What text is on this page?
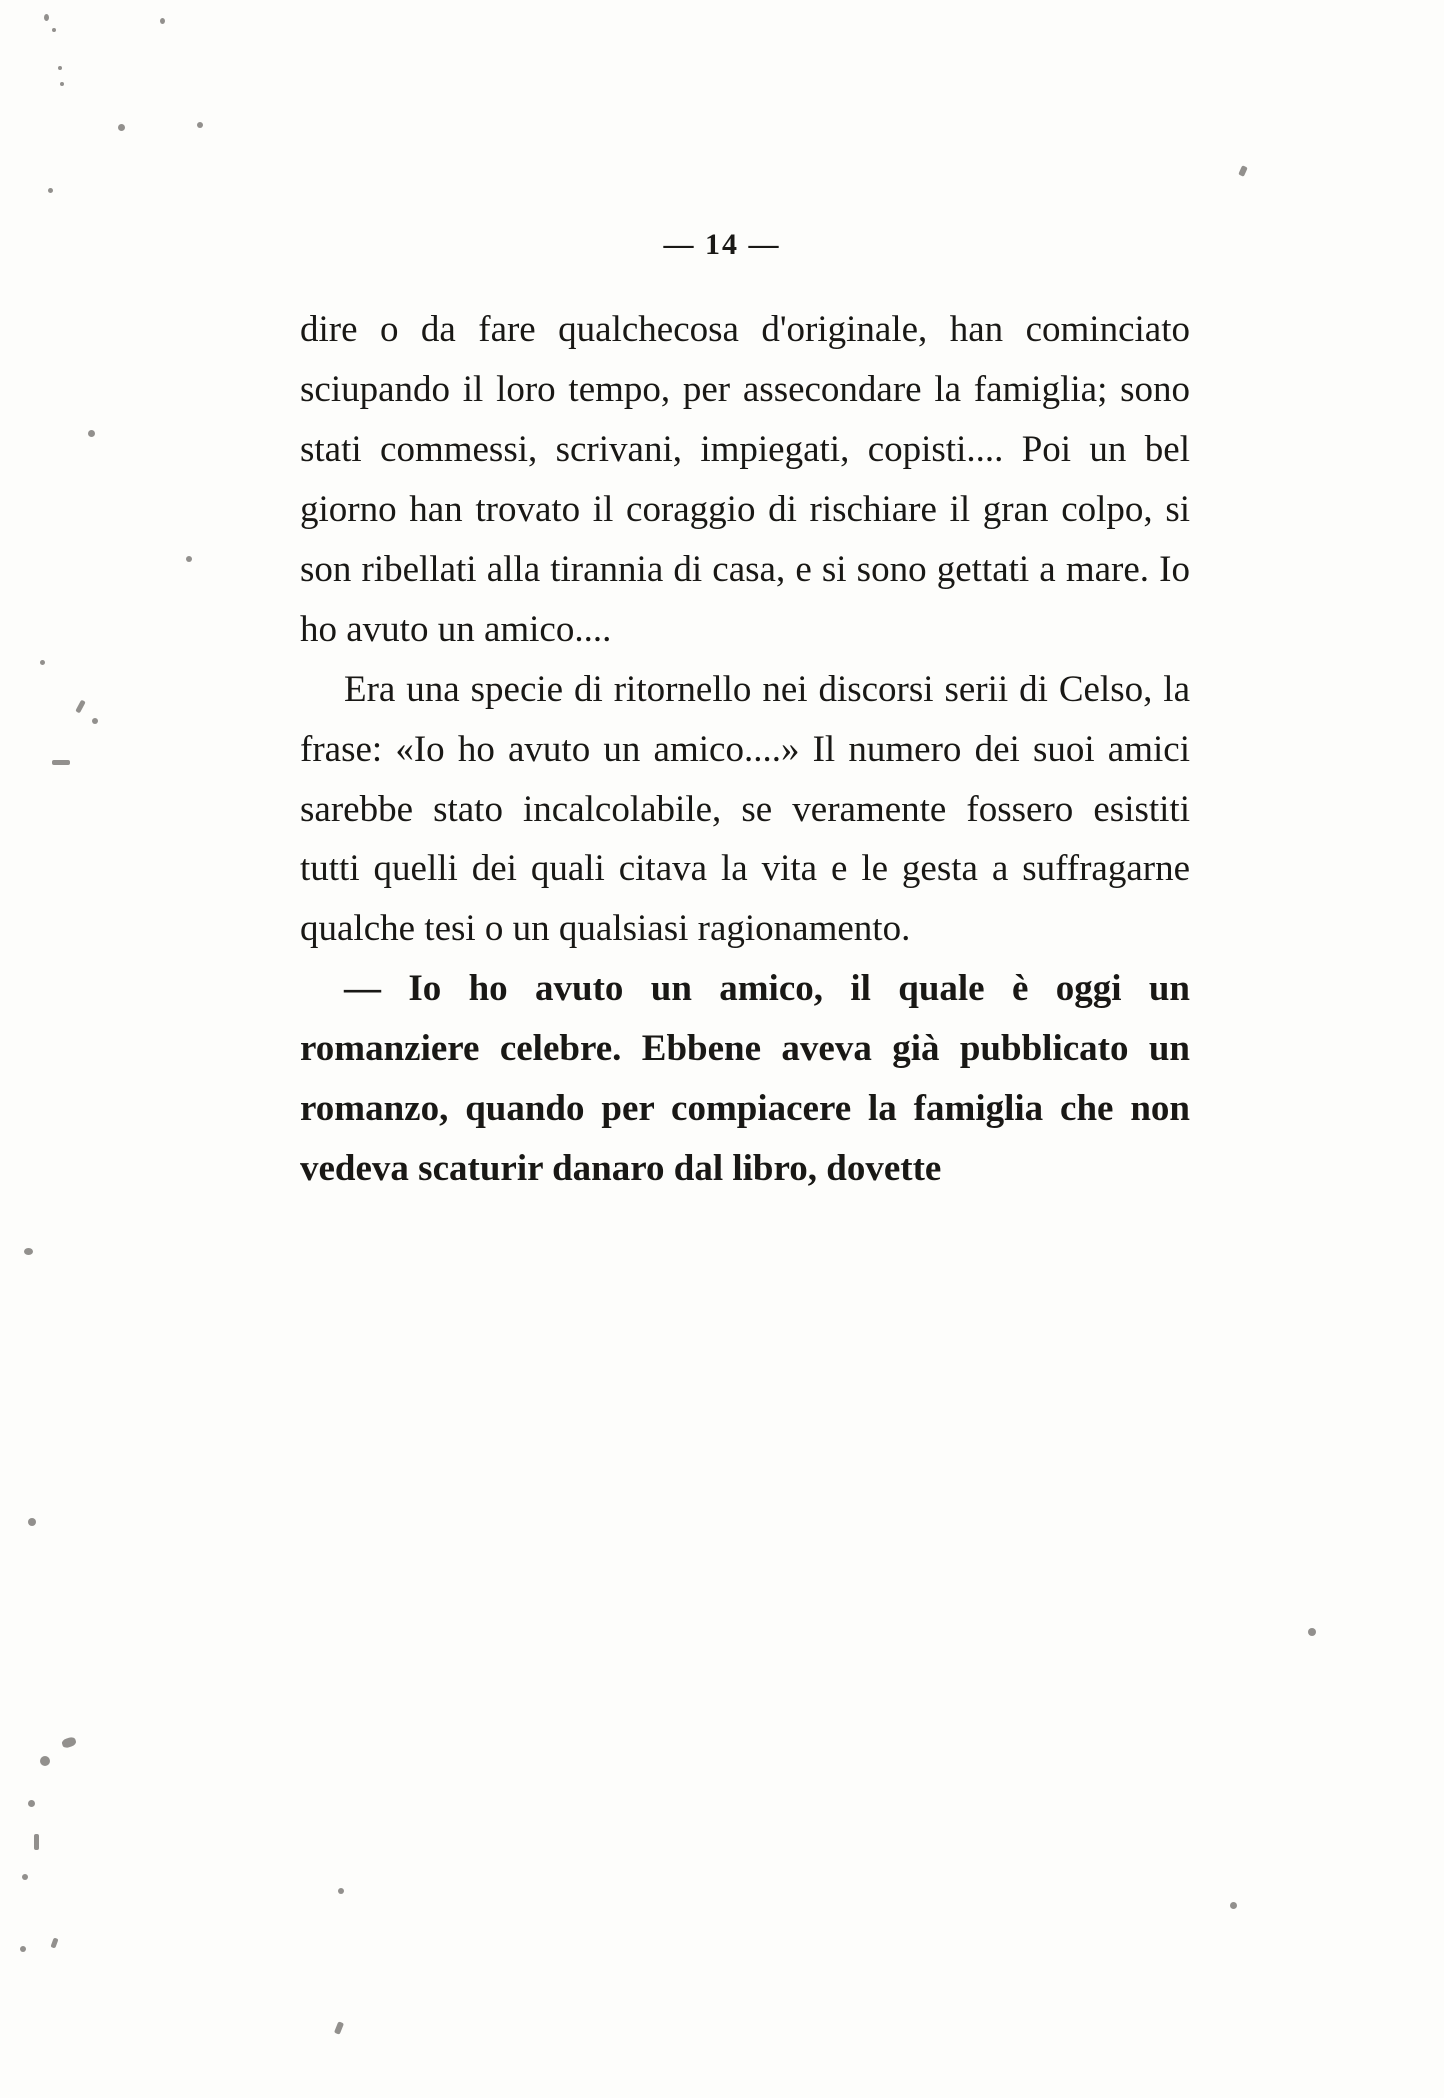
— 14 —

dire o da fare qualchecosa d'originale, han cominciato sciupando il loro tempo, per assecondare la famiglia; sono stati commessi, scrivani, impiegati, copisti.... Poi un bel giorno han trovato il coraggio di rischiare il gran colpo, si son ribellati alla tirannia di casa, e si sono gettati a mare. Io ho avuto un amico....

Era una specie di ritornello nei discorsi serii di Celso, la frase: «Io ho avuto un amico....» Il numero dei suoi amici sarebbe stato incalcolabile, se veramente fossero esistiti tutti quelli dei quali citava la vita e le gesta a suffragarne qualche tesi o un qualsiasi ragionamento.

— Io ho avuto un amico, il quale è oggi un romanziere celebre. Ebbene aveva già pubblicato un romanzo, quando per compiacere la famiglia che non vedeva scaturir danaro dal libro, dovette
